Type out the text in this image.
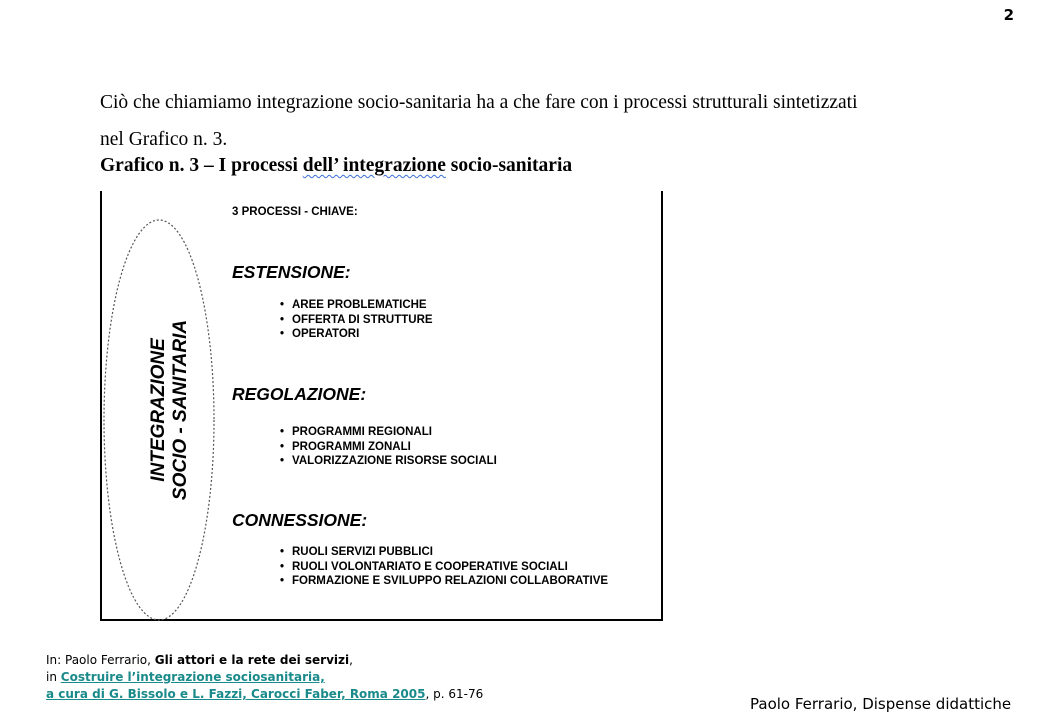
2

Ciò che chiamiamo integrazione socio-sanitaria ha a che fare con i processi strutturali sintetizzati

nel Grafico n. 3.

Grafico n. 3 – I processi dell’ integrazione socio-sanitaria
INTEGRAZIONE SOCIO - SANITARIA
3 PROCESSI - CHIAVE:
ESTENSIONE:
• AREE PROBLEMATICHE
• OFFERTA DI STRUTTURE
• OPERATORI
REGOLAZIONE:
• PROGRAMMI REGIONALI
• PROGRAMMI ZONALI
• VALORIZZAZIONE RISORSE SOCIALI
CONNESSIONE:
• RUOLI SERVIZI PUBBLICI
• RUOLI VOLONTARIATO E COOPERATIVE SOCIALI
• FORMAZIONE E SVILUPPO RELAZIONI COLLABORATIVE
In: Paolo Ferrario, Gli attori e la rete dei servizi,
in Costruire l’integrazione sociosanitaria,
a cura di G. Bissolo e L. Fazzi, Carocci Faber, Roma 2005, p. 61-76
Paolo Ferrario, Dispense didattiche
